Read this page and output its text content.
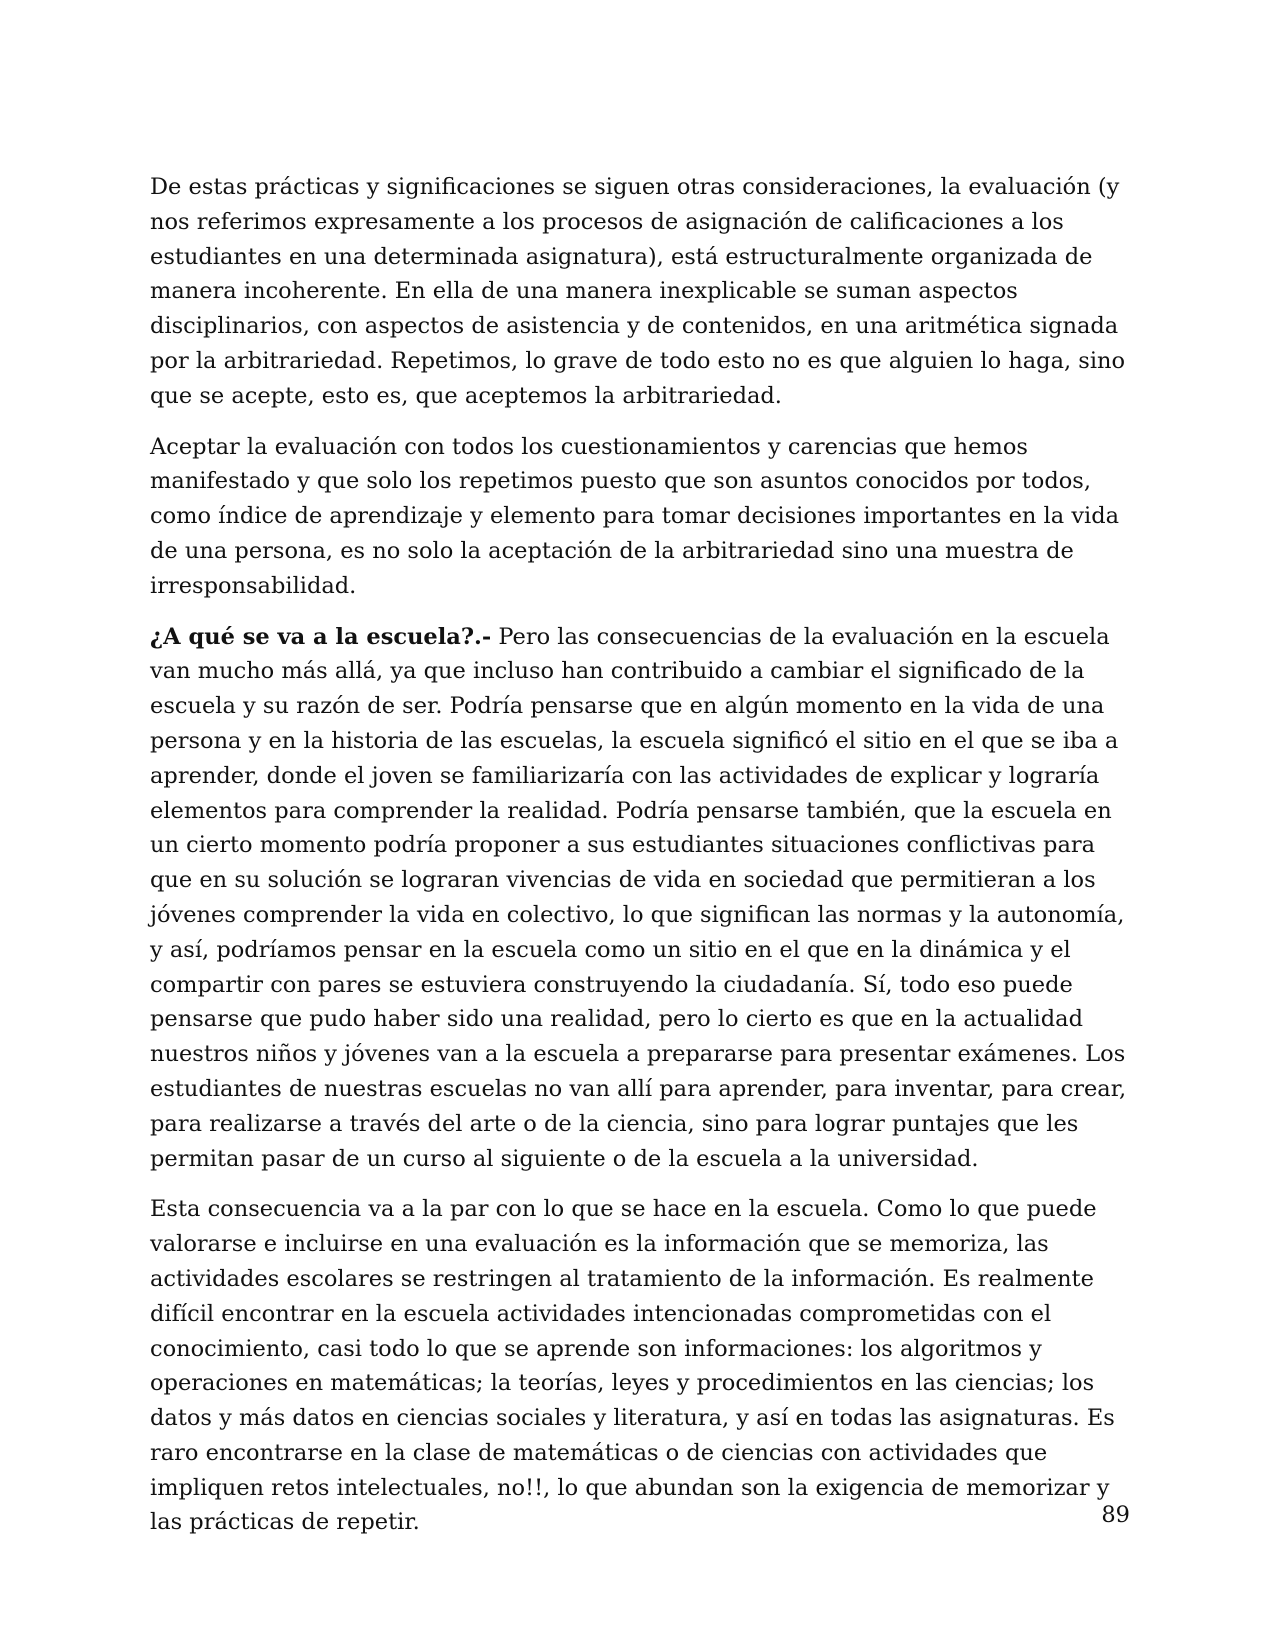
De estas prácticas y significaciones se siguen otras consideraciones, la evaluación (y nos referimos expresamente a los procesos de asignación de calificaciones a los estudiantes en una determinada asignatura), está estructuralmente organizada de manera incoherente. En ella de una manera inexplicable se suman aspectos disciplinarios, con aspectos de asistencia y de contenidos, en una aritmética signada por la arbitrariedad. Repetimos, lo grave de todo esto no es que alguien lo haga, sino que se acepte, esto es, que aceptemos la arbitrariedad.

Aceptar la evaluación con todos los cuestionamientos y carencias que hemos manifestado y que solo los repetimos puesto que son asuntos conocidos por todos, como índice de aprendizaje y elemento para tomar decisiones importantes en la vida de una persona, es no solo la aceptación de la arbitrariedad sino una muestra de irresponsabilidad.

¿A qué se va a la escuela?.- Pero las consecuencias de la evaluación en la escuela van mucho más allá, ya que incluso han contribuido a cambiar el significado de la escuela y su razón de ser. Podría pensarse que en algún momento en la vida de una persona y en la historia de las escuelas, la escuela significó el sitio en el que se iba a aprender, donde el joven se familiarizaría con las actividades de explicar y lograría elementos para comprender la realidad. Podría pensarse también, que la escuela en un cierto momento podría proponer a sus estudiantes situaciones conflictivas para que en su solución se lograran vivencias de vida en sociedad que permitieran a los jóvenes comprender la vida en colectivo, lo que significan las normas y la autonomía, y así, podríamos pensar en la escuela como un sitio en el que en la dinámica y el compartir con pares se estuviera construyendo la ciudadanía. Sí, todo eso puede pensarse que pudo haber sido una realidad, pero lo cierto es que en la actualidad nuestros niños y jóvenes van a la escuela a prepararse para presentar exámenes. Los estudiantes de nuestras escuelas no van allí para aprender, para inventar, para crear, para realizarse a través del arte o de la ciencia, sino para lograr puntajes que les permitan pasar de un curso al siguiente o de la escuela a la universidad.

Esta consecuencia va a la par con lo que se hace en la escuela. Como lo que puede valorarse e incluirse en una evaluación es la información que se memoriza, las actividades escolares se restringen al tratamiento de la información. Es realmente difícil encontrar en la escuela actividades intencionadas comprometidas con el conocimiento, casi todo lo que se aprende son informaciones: los algoritmos y operaciones en matemáticas; la teorías, leyes y procedimientos en las ciencias; los datos y más datos en ciencias sociales y literatura, y así en todas las asignaturas. Es raro encontrarse en la clase de matemáticas o de ciencias con actividades que impliquen retos intelectuales, no!!, lo que abundan son la exigencia de memorizar y las prácticas de repetir.	89
